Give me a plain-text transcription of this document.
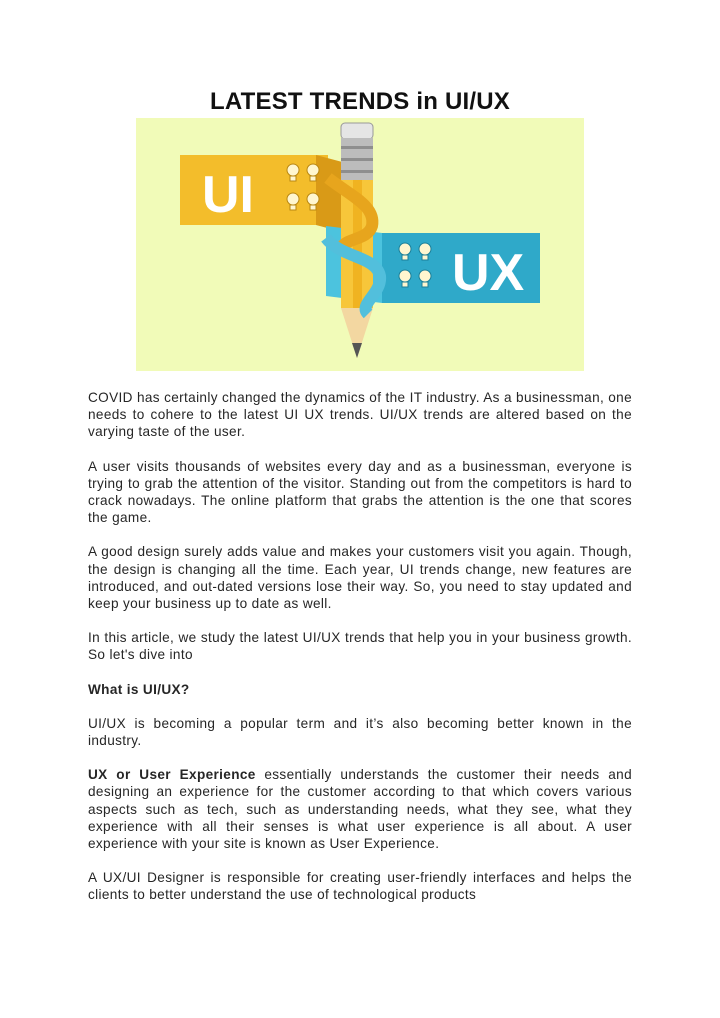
LATEST TRENDS in UI/UX
UI
UX

COVID has certainly changed the dynamics of the IT industry. As a businessman, one needs to cohere to the latest UI UX trends. UI/UX trends are altered based on the varying taste of the user.

A user visits thousands of websites every day and as a businessman, everyone is trying to grab the attention of the visitor. Standing out from the competitors is hard to crack nowadays. The online platform that grabs the attention is the one that scores the game.

A good design surely adds value and makes your customers visit you again. Though, the design is changing all the time. Each year, UI trends change, new features are introduced, and out-dated versions lose their way. So, you need to stay updated and keep your business up to date as well.

In this article, we study the latest UI/UX trends that help you in your business growth. So let's dive into

What is UI/UX?

UI/UX is becoming a popular term and it’s also becoming better known in the industry.

UX or User Experience essentially understands the customer their needs and designing an experience for the customer according to that which covers various aspects such as tech, such as understanding needs, what they see, what they experience with all their senses is what user experience is all about. A user experience with your site is known as User Experience.

A UX/UI Designer is responsible for creating user-friendly interfaces and helps the clients to better understand the use of technological products
